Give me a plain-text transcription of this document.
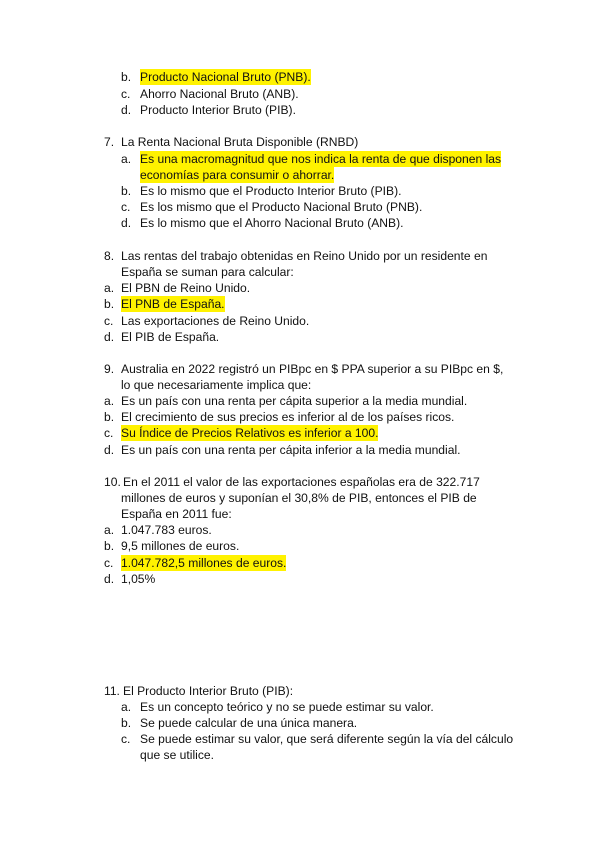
b. Producto Nacional Bruto (PNB).
c. Ahorro Nacional Bruto (ANB).
d. Producto Interior Bruto (PIB).
7. La Renta Nacional Bruta Disponible (RNBD)
a. Es una macromagnitud que nos indica la renta de que disponen las
economías para consumir o ahorrar.
b. Es lo mismo que el Producto Interior Bruto (PIB).
c. Es los mismo que el Producto Nacional Bruto (PNB).
d. Es lo mismo que el Ahorro Nacional Bruto (ANB).
8. Las rentas del trabajo obtenidas en Reino Unido por un residente en
España se suman para calcular:
a. El PBN de Reino Unido.
b. El PNB de España.
c. Las exportaciones de Reino Unido.
d. El PIB de España.
9. Australia en 2022 registró un PIBpc en $ PPA superior a su PIBpc en $,
lo que necesariamente implica que:
a. Es un país con una renta per cápita superior a la media mundial.
b. El crecimiento de sus precios es inferior al de los países ricos.
c. Su Índice de Precios Relativos es inferior a 100.
d. Es un país con una renta per cápita inferior a la media mundial.
10. En el 2011 el valor de las exportaciones españolas era de 322.717
millones de euros y suponían el 30,8% de PIB, entonces el PIB de
España en 2011 fue:
a. 1.047.783 euros.
b. 9,5 millones de euros.
c. 1.047.782,5 millones de euros.
d. 1,05%
11. El Producto Interior Bruto (PIB):
a. Es un concepto teórico y no se puede estimar su valor.
b. Se puede calcular de una única manera.
c. Se puede estimar su valor, que será diferente según la vía del cálculo
que se utilice.
